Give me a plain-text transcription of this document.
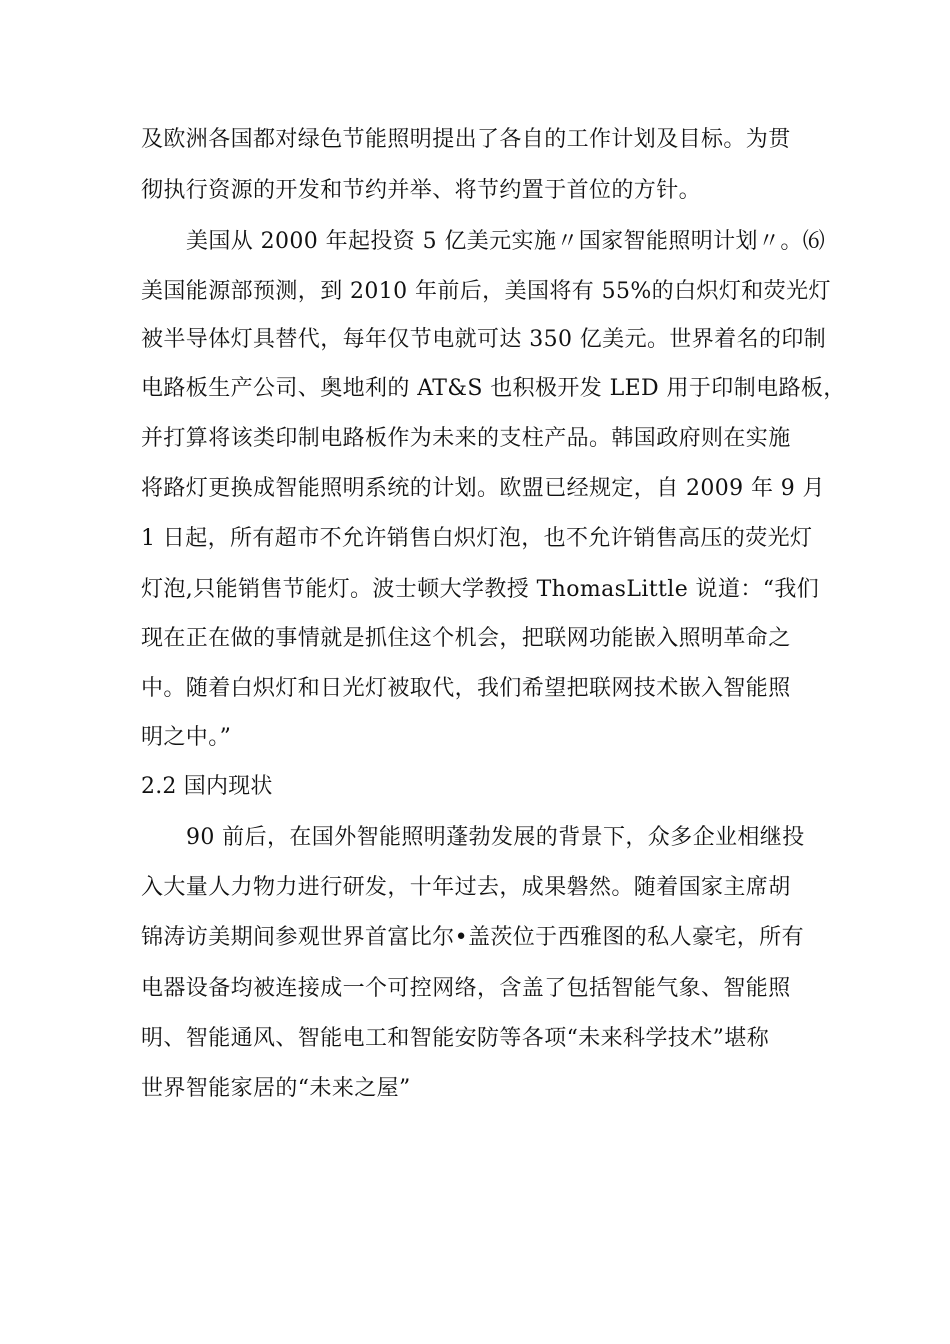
及欧洲各国都对绿色节能照明提出了各自的工作计划及目标。为贯
彻执行资源的开发和节约并举、将节约置于首位的方针。
美国从 2000 年起投资 5 亿美元实施〃国家智能照明计划〃。⑹
美国能源部预测，到 2010 年前后，美国将有 55%的白炽灯和荧光灯
被半导体灯具替代，每年仅节电就可达 350 亿美元。世界着名的印制
电路板生产公司、奥地利的 AT&S 也积极开发 LED 用于印制电路板，
并打算将该类印制电路板作为未来的支柱产品。韩国政府则在实施
将路灯更换成智能照明系统的计划。欧盟已经规定，自 2009 年 9 月
1 日起，所有超市不允许销售白炽灯泡，也不允许销售高压的荧光灯
灯泡,只能销售节能灯。波士顿大学教授 ThomasLittle 说道：“我们
现在正在做的事情就是抓住这个机会，把联网功能嵌入照明革命之
中。随着白炽灯和日光灯被取代，我们希望把联网技术嵌入智能照
明之中。”
2.2 国内现状
90 前后，在国外智能照明蓬勃发展的背景下，众多企业相继投
入大量人力物力进行研发，十年过去，成果磐然。随着国家主席胡
锦涛访美期间参观世界首富比尔•盖茨位于西雅图的私人豪宅，所有
电器设备均被连接成一个可控网络，含盖了包括智能气象、智能照
明、智能通风、智能电工和智能安防等各项“未来科学技术”堪称
世界智能家居的“未来之屋”
